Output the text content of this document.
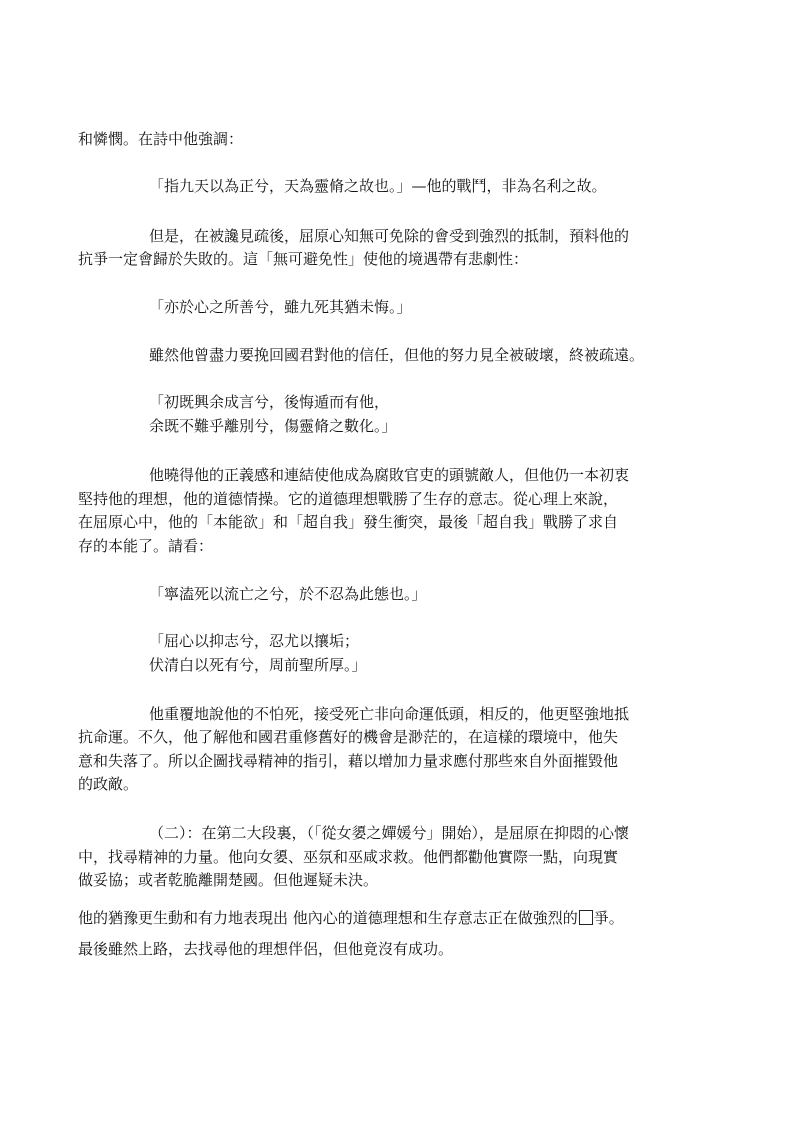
和憐憫。在詩中他強調：
「指九天以為正兮，天為靈脩之故也。」—他的戰鬥，非為名利之故。
但是，在被讒見疏後，屈原心知無可免除的會受到強烈的抵制，預料他的
抗爭一定會歸於失敗的。這「無可避免性」使他的境遇帶有悲劇性：
「亦於心之所善兮，雖九死其猶未悔。」
雖然他曾盡力要挽回國君對他的信任，但他的努力見全被破壞，終被疏遠。
「初既興余成言兮，後悔遁而有他，
余既不難乎離別兮，傷靈脩之數化。」
他曉得他的正義感和連結使他成為腐敗官吏的頭號敵人，但他仍一本初衷
堅持他的理想，他的道德情操。它的道德理想戰勝了生存的意志。從心理上來說，
在屈原心中，他的「本能欲」和「超自我」發生衝突，最後「超自我」戰勝了求自
存的本能了。請看：
「寧溘死以流亡之兮，於不忍為此態也。」
「屈心以抑志兮，忍尤以攘垢；
伏清白以死有兮，周前聖所厚。」
他重覆地說他的不怕死，接受死亡非向命運低頭，相反的，他更堅強地抵
抗命運。不久，他了解他和國君重修舊好的機會是渺茫的，在這樣的環境中，他失
意和失落了。所以企圖找尋精神的指引，藉以增加力量求應付那些來自外面摧毀他
的政敵。
（二）：在第二大段裏，（「從女嬃之嬋媛兮」開始），是屈原在抑悶的心懷
中，找尋精神的力量。他向女嬃、巫氛和巫咸求救。他們都勸他實際一點，向現實
做妥協；或者乾脆離開楚國。但他遲疑未決。
他的猶豫更生動和有力地表現出 他內心的道德理想和生存意志正在做強烈的 爭。
最後雖然上路，去找尋他的理想伴侶，但他竟沒有成功。
